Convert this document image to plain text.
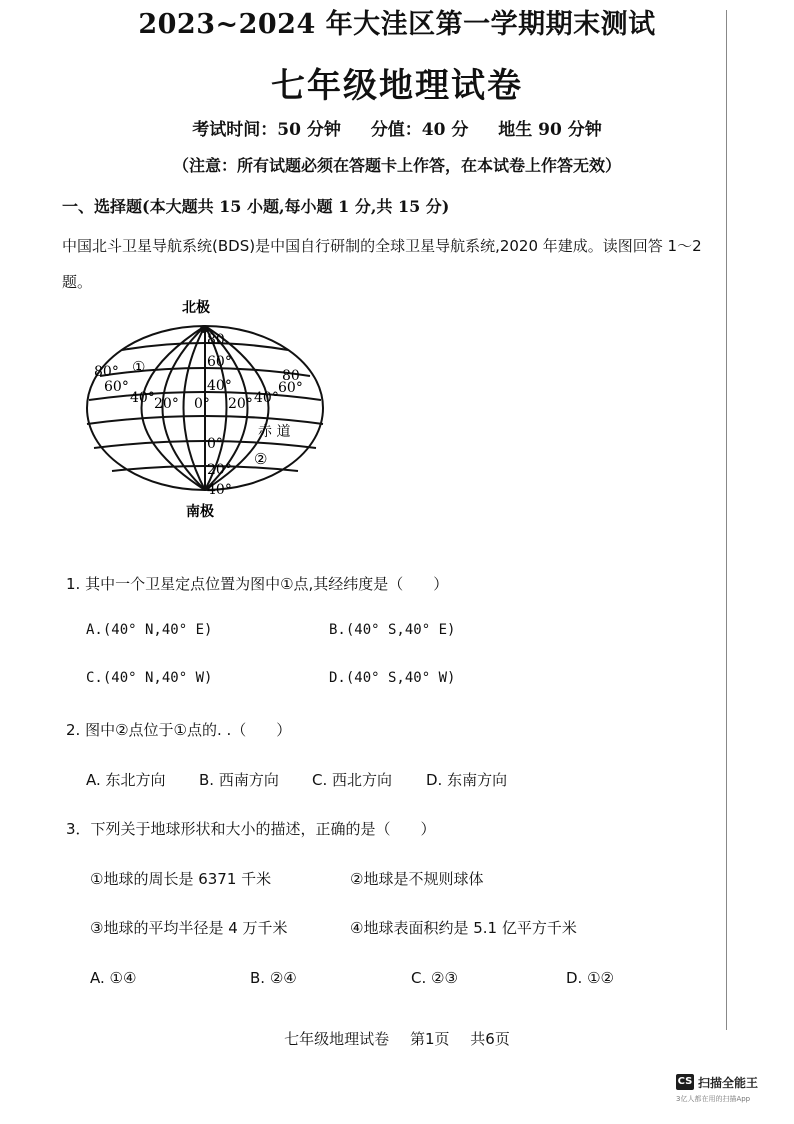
2023~2024 年大洼区第一学期期末测试
七年级地理试卷
考试时间：50 分钟 分值：40 分 地生 90 分钟
（注意：所有试题必须在答题卡上作答，在本试卷上作答无效）
一、选择题(本大题共 15 小题,每小题 1 分,共 15 分)
中国北斗卫星导航系统(BDS)是中国自行研制的全球卫星导航系统,2020 年建成。读图回答 1～2 题。
北极
南极
80
60°
40°
0°
20°
40°
80°
60°
40° 20° 0° 20° 40°
60°
80
①
②
赤 道
1. 其中一个卫星定点位置为图中①点,其经纬度是（　　）
A.(40° N,40° E)	B.(40° S,40° E)
C.(40° N,40° W)	D.(40° S,40° W)
2. 图中②点位于①点的. .（　　）
A. 东北方向 B. 西南方向 C. 西北方向 D. 东南方向
3．下列关于地球形状和大小的描述，正确的是（　　）
①地球的周长是 6371 千米	②地球是不规则球体
③地球的平均半径是 4 万千米	④地球表面积约是 5.1 亿平方千米
A. ①④	B. ②④	C. ②③	D. ①②
七年级地理试卷 第1页 共6页
CS 扫描全能王
3亿人都在用的扫描App
